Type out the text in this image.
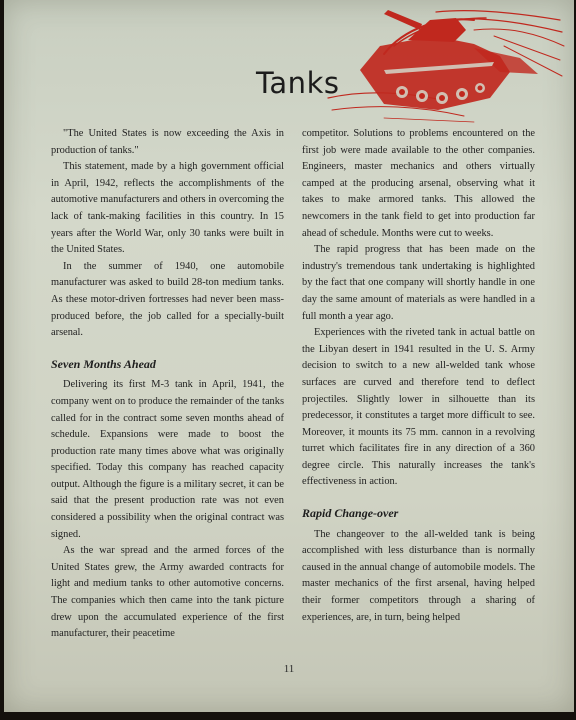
Tanks

"The United States is now exceeding the Axis in production of tanks."

This statement, made by a high government official in April, 1942, reflects the accomplishments of the automotive manufacturers and others in overcoming the lack of tank-making facilities in this country. In 15 years after the World War, only 30 tanks were built in the United States.

In the summer of 1940, one automobile manufacturer was asked to build 28-ton medium tanks. As these motor-driven fortresses had never been mass-produced before, the job called for a specially-built arsenal.

Seven Months Ahead

Delivering its first M-3 tank in April, 1941, the company went on to produce the remainder of the tanks called for in the contract some seven months ahead of schedule. Expansions were made to boost the production rate many times above what was originally specified. Today this company has reached capacity output. Although the figure is a military secret, it can be said that the present production rate was not even considered a possibility when the original contract was signed.

As the war spread and the armed forces of the United States grew, the Army awarded contracts for light and medium tanks to other automotive concerns. The companies which then came into the tank picture drew upon the accumulated experience of the first manufacturer, their peacetime

competitor. Solutions to problems encountered on the first job were made available to the other companies. Engineers, master mechanics and others virtually camped at the producing arsenal, observing what it takes to make armored tanks. This allowed the newcomers in the tank field to get into production far ahead of schedule. Months were cut to weeks.

The rapid progress that has been made on the industry's tremendous tank undertaking is highlighted by the fact that one company will shortly handle in one day the same amount of materials as were handled in a full month a year ago.

Experiences with the riveted tank in actual battle on the Libyan desert in 1941 resulted in the U. S. Army decision to switch to a new all-welded tank whose surfaces are curved and therefore tend to deflect projectiles. Slightly lower in silhouette than its predecessor, it constitutes a target more difficult to see. Moreover, it mounts its 75 mm. cannon in a revolving turret which facilitates fire in any direction of a 360 degree circle. This naturally increases the tank's effectiveness in action.

Rapid Change-over

The changeover to the all-welded tank is being accomplished with less disturbance than is normally caused in the annual change of automobile models. The master mechanics of the first arsenal, having helped their former competitors through a sharing of experiences, are, in turn, being helped

11
